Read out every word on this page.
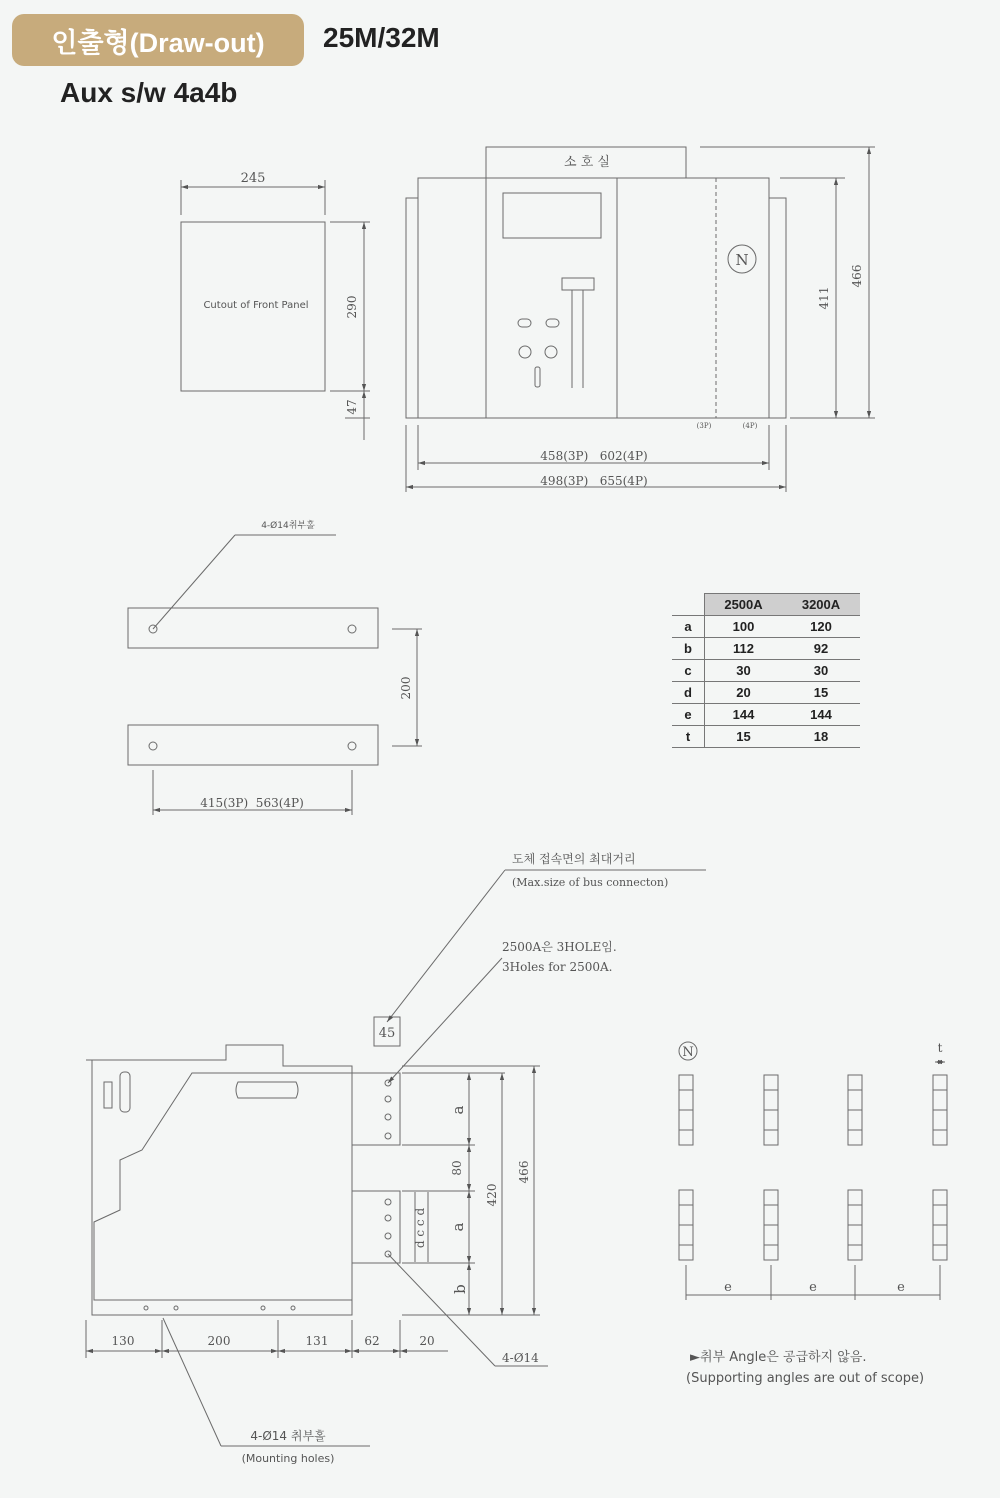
인출형(Draw-out)	25M/32M
Aux s/w 4a4b
245
Cutout of Front Panel	290
47
소 호 실
N
(3P)	(4P)
411
466
458(3P)   602(4P)
498(3P)   655(4P)
4-Ø14취부홀
200
415(3P)  563(4P)
도체 접속면의 최대거리
(Max.size of bus connecton)
2500A은 3HOLE임.
3Holes for 2500A.
45
a
80
a
b
420
466
d c c d
130	200	131	62	20
4-Ø14
4-Ø14 취부홀
(Mounting holes)
N	t
e	e	e
►취부 Angle은 공급하지 않음.
(Supporting angles are out of scope)
	2500A	3200A
a	100	120
b	112	92
c	30	30
d	20	15
e	144	144
t	15	18
